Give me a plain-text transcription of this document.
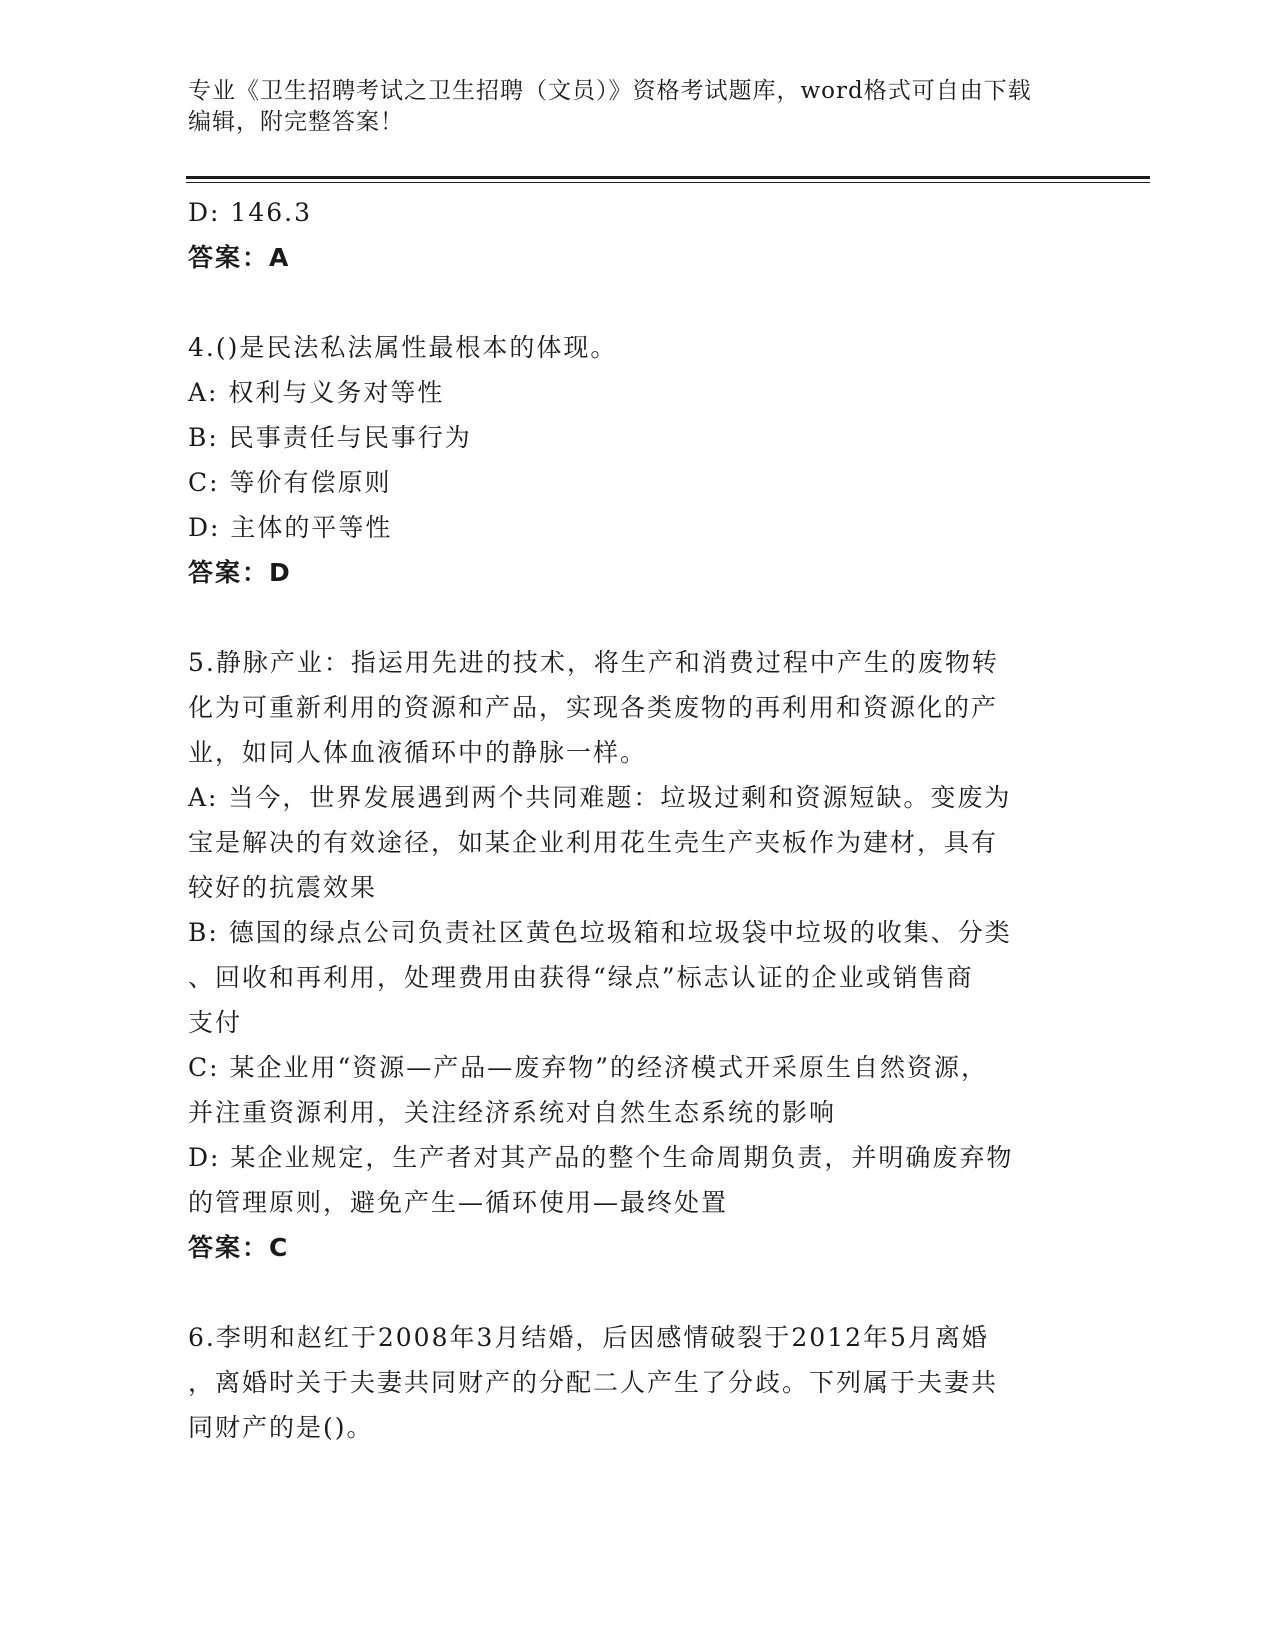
专业《卫生招聘考试之卫生招聘（文员）》资格考试题库，word格式可自由下载
编辑，附完整答案！
D: 146.3
答案：A
4.()是民法私法属性最根本的体现。
A: 权利与义务对等性
B: 民事责任与民事行为
C: 等价有偿原则
D: 主体的平等性
答案：D
5.静脉产业：指运用先进的技术，将生产和消费过程中产生的废物转
化为可重新利用的资源和产品，实现各类废物的再利用和资源化的产
业，如同人体血液循环中的静脉一样。
A: 当今，世界发展遇到两个共同难题：垃圾过剩和资源短缺。变废为
宝是解决的有效途径，如某企业利用花生壳生产夹板作为建材，具有
较好的抗震效果
B: 德国的绿点公司负责社区黄色垃圾箱和垃圾袋中垃圾的收集、分类
、回收和再利用，处理费用由获得“绿点”标志认证的企业或销售商
支付
C: 某企业用“资源—产品—废弃物”的经济模式开采原生自然资源，
并注重资源利用，关注经济系统对自然生态系统的影响
D: 某企业规定，生产者对其产品的整个生命周期负责，并明确废弃物
的管理原则，避免产生—循环使用—最终处置
答案：C
6.李明和赵红于2008年3月结婚，后因感情破裂于2012年5月离婚
，离婚时关于夫妻共同财产的分配二人产生了分歧。下列属于夫妻共
同财产的是()。
